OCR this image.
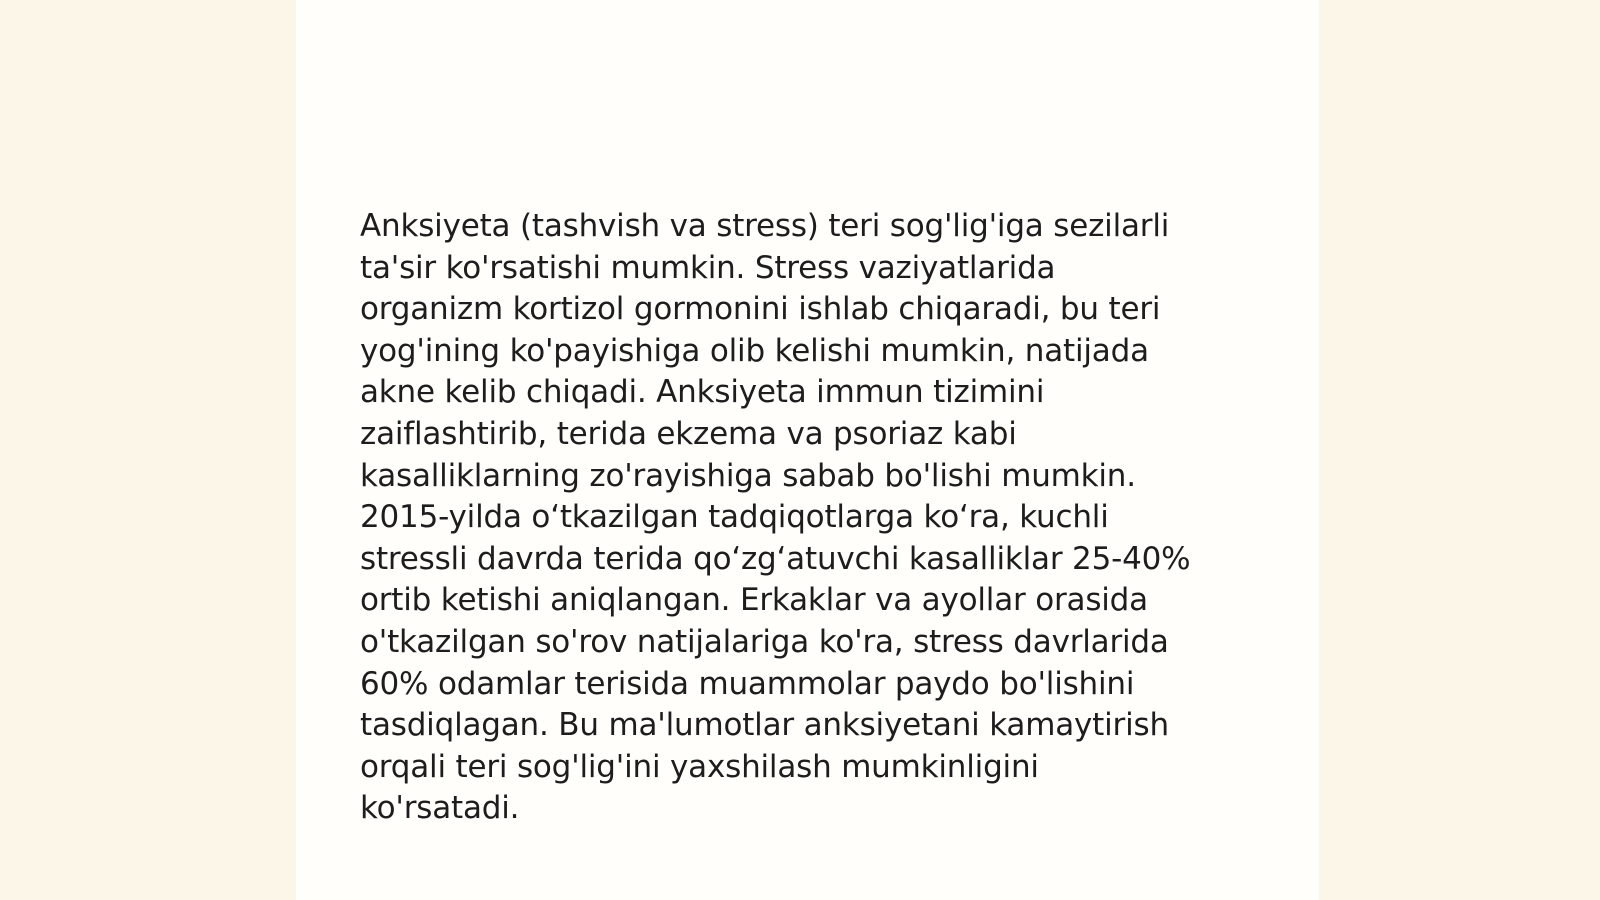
Anksiyeta (tashvish va stress) teri sog'lig'iga sezilarli
ta'sir ko'rsatishi mumkin. Stress vaziyatlarida
organizm kortizol gormonini ishlab chiqaradi, bu teri
yog'ining ko'payishiga olib kelishi mumkin, natijada
akne kelib chiqadi. Anksiyeta immun tizimini
zaiflashtirib, terida ekzema va psoriaz kabi
kasalliklarning zo'rayishiga sabab bo'lishi mumkin.
2015-yilda o‘tkazilgan tadqiqotlarga ko‘ra, kuchli
stressli davrda terida qo‘zg‘atuvchi kasalliklar 25-40%
ortib ketishi aniqlangan. Erkaklar va ayollar orasida
o'tkazilgan so'rov natijalariga ko'ra, stress davrlarida
60% odamlar terisida muammolar paydo bo'lishini
tasdiqlagan. Bu ma'lumotlar anksiyetani kamaytirish
orqali teri sog'lig'ini yaxshilash mumkinligini
ko'rsatadi.
